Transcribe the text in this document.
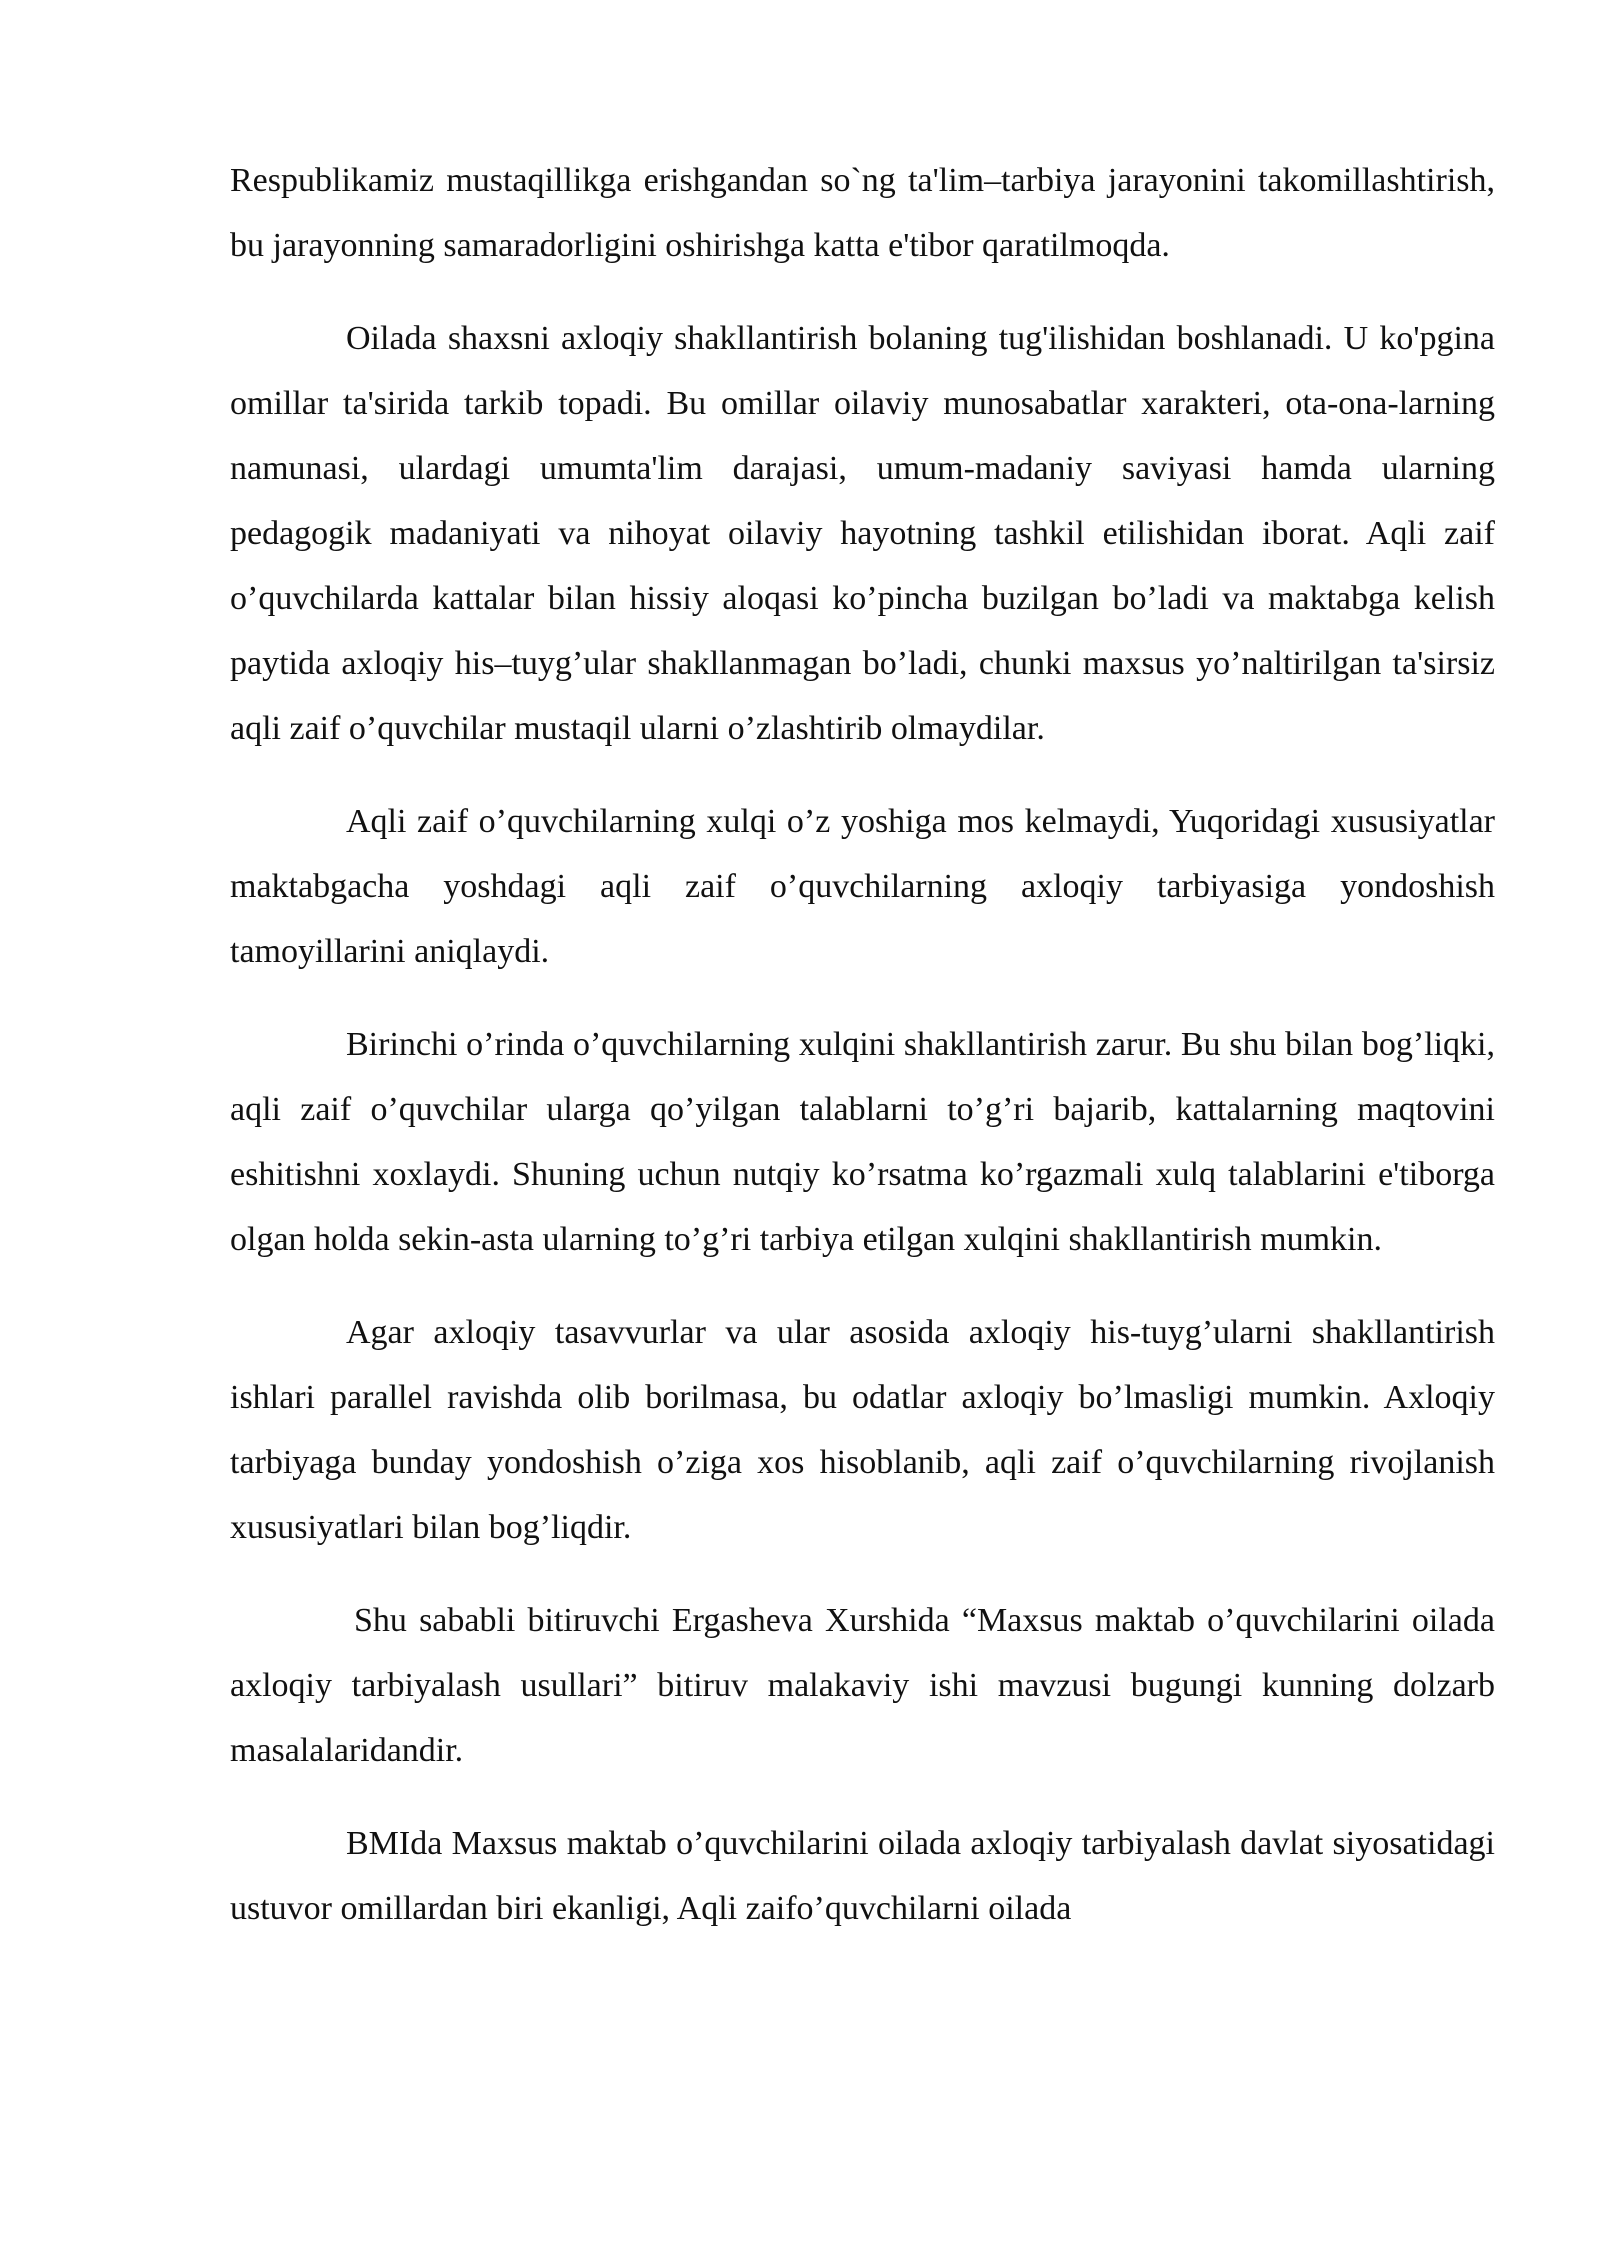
Respublikamiz mustaqillikga erishgandan so`ng ta'lim–tarbiya jarayonini takomillashtirish, bu jarayonning samaradorligini oshirishga katta e'tibor qaratilmoqda.

Oilada shaxsni axloqiy shakllantirish bolaning tug'ilishidan boshlanadi. U ko'pgina omillar ta'sirida tarkib topadi. Bu omillar oilaviy munosabatlar xarakteri, ota-ona-larning namunasi, ulardagi umumta'lim darajasi, umum-madaniy saviyasi hamda ularning pedagogik madaniyati va nihoyat oilaviy hayotning tashkil etilishidan iborat. Aqli zaif o’quvchilarda kattalar bilan hissiy aloqasi ko’pincha buzilgan bo’ladi va maktabga kelish paytida axloqiy his–tuyg’ular shakllanmagan bo’ladi, chunki maxsus yo’naltirilgan ta'sirsiz aqli zaif o’quvchilar mustaqil ularni o’zlashtirib olmaydilar.

Aqli zaif o’quvchilarning xulqi o’z yoshiga mos kelmaydi, Yuqoridagi xususiyatlar maktabgacha yoshdagi aqli zaif o’quvchilarning axloqiy tarbiyasiga yondoshish tamoyillarini aniqlaydi.

Birinchi o’rinda o’quvchilarning xulqini shakllantirish zarur. Bu shu bilan bog’liqki, aqli zaif o’quvchilar ularga qo’yilgan talablarni to’g’ri bajarib, kattalarning maqtovini eshitishni xoxlaydi. Shuning uchun nutqiy ko’rsatma ko’rgazmali xulq talablarini e'tiborga olgan holda sekin-asta ularning to’g’ri tarbiya etilgan xulqini shakllantirish mumkin.

Agar axloqiy tasavvurlar va ular asosida axloqiy his-tuyg’ularni shakllantirish ishlari parallel ravishda olib borilmasa, bu odatlar axloqiy bo’lmasligi mumkin. Axloqiy tarbiyaga bunday yondoshish o’ziga xos hisoblanib, aqli zaif o’quvchilarning rivojlanish xususiyatlari bilan bog’liqdir.

Shu sababli bitiruvchi Ergasheva Xurshida “Maxsus maktab o’quvchilarini oilada axloqiy tarbiyalash usullari” bitiruv malakaviy ishi mavzusi bugungi kunning dolzarb masalalaridandir.

BMIda Maxsus maktab o’quvchilarini oilada axloqiy tarbiyalash davlat siyosatidagi ustuvor omillardan biri ekanligi, Aqli zaifo’quvchilarni oilada
